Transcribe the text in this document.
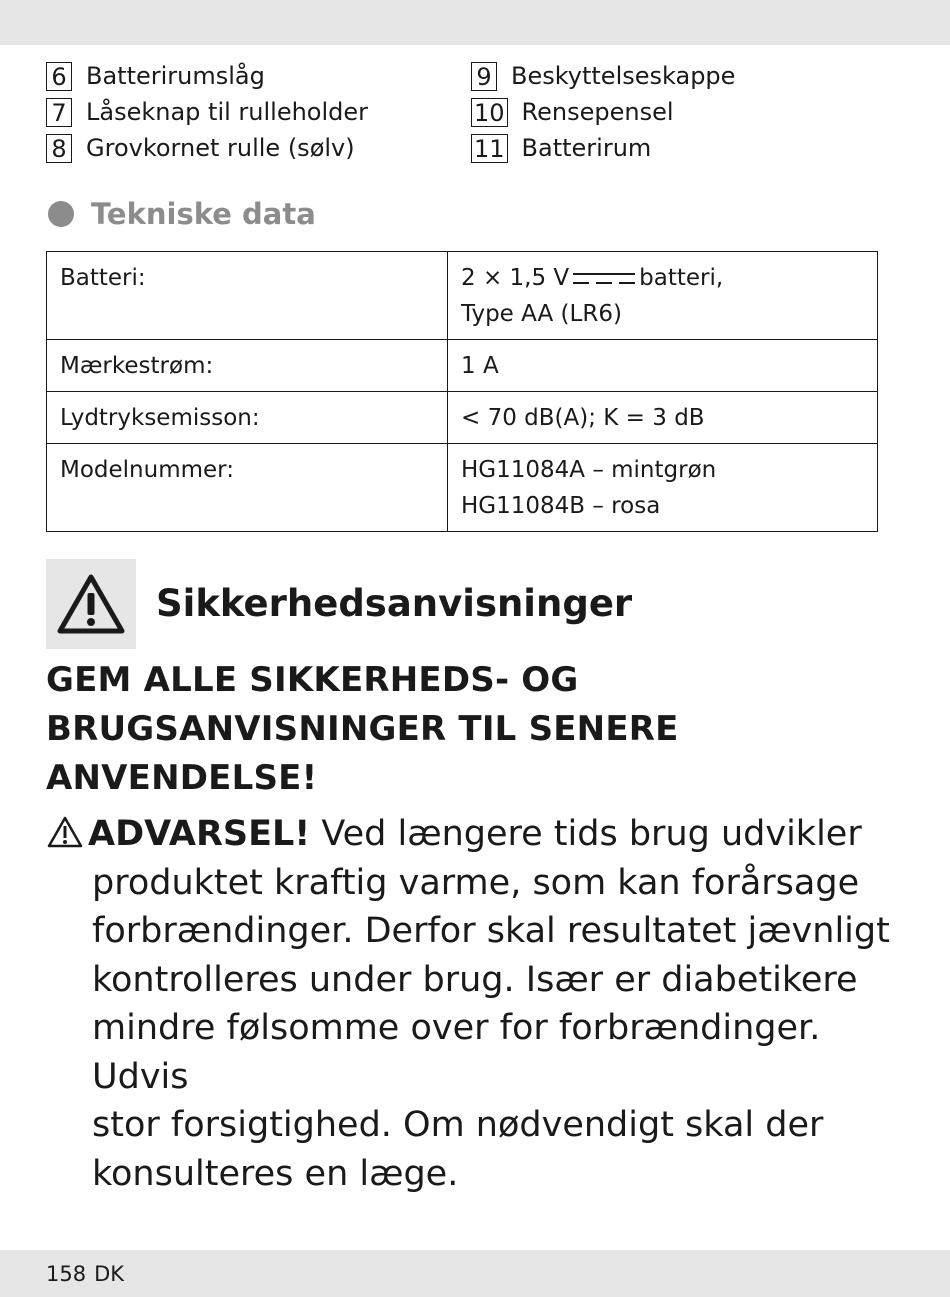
6 Batterirumslåg
7 Låseknap til rulleholder
8 Grovkornet rulle (sølv)
9 Beskyttelseskappe
10 Rensepensel
11 Batterirum
Tekniske data
Batteri:	2 × 1,5 V batteri,
Type AA (LR6)
Mærkestrøm:	1 A
Lydtryksemisson:	< 70 dB(A); K = 3 dB
Modelnummer:	HG11084A – mintgrøn
HG11084B – rosa
Sikkerhedsanvisninger
GEM ALLE SIKKERHEDS- OG
BRUGSANVISNINGER TIL SENERE
ANVENDELSE!
ADVARSEL! Ved længere tids brug udvikler
produktet kraftig varme, som kan forårsage
forbrændinger. Derfor skal resultatet jævnligt
kontrolleres under brug. Især er diabetikere
mindre følsomme over for forbrændinger. Udvis
stor forsigtighed. Om nødvendigt skal der
konsulteres en læge.
158 DK
